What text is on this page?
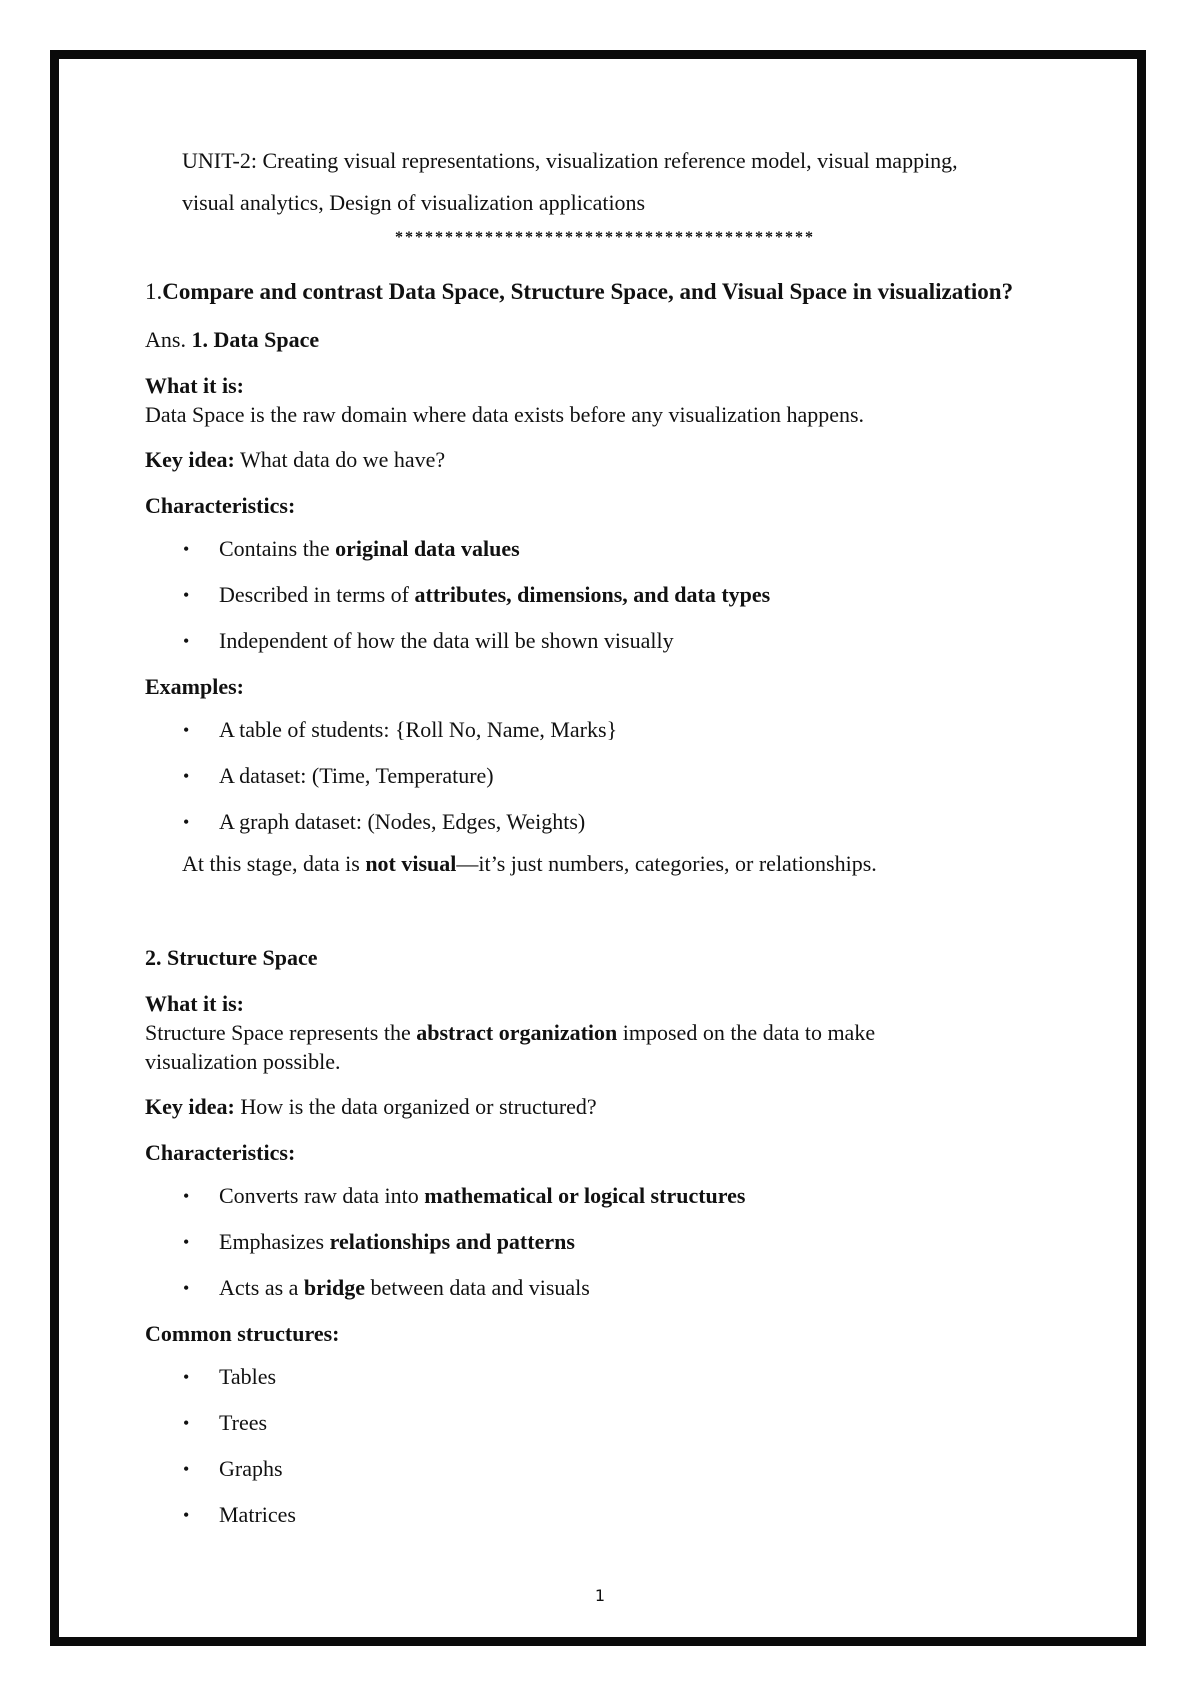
UNIT-2: Creating visual representations, visualization reference model, visual mapping,

visual analytics, Design of visualization applications

******************************************

1.Compare and contrast Data Space, Structure Space, and Visual Space in visualization?

Ans. 1. Data Space

What it is:

Data Space is the raw domain where data exists before any visualization happens.

Key idea: What data do we have?

Characteristics:

• Contains the original data values
• Described in terms of attributes, dimensions, and data types
• Independent of how the data will be shown visually

Examples:

• A table of students: {Roll No, Name, Marks}
• A dataset: (Time, Temperature)
• A graph dataset: (Nodes, Edges, Weights)

At this stage, data is not visual—it’s just numbers, categories, or relationships.

2. Structure Space

What it is:

Structure Space represents the abstract organization imposed on the data to make

visualization possible.

Key idea: How is the data organized or structured?

Characteristics:

• Converts raw data into mathematical or logical structures
• Emphasizes relationships and patterns
• Acts as a bridge between data and visuals

Common structures:

• Tables
• Trees
• Graphs
• Matrices
1
